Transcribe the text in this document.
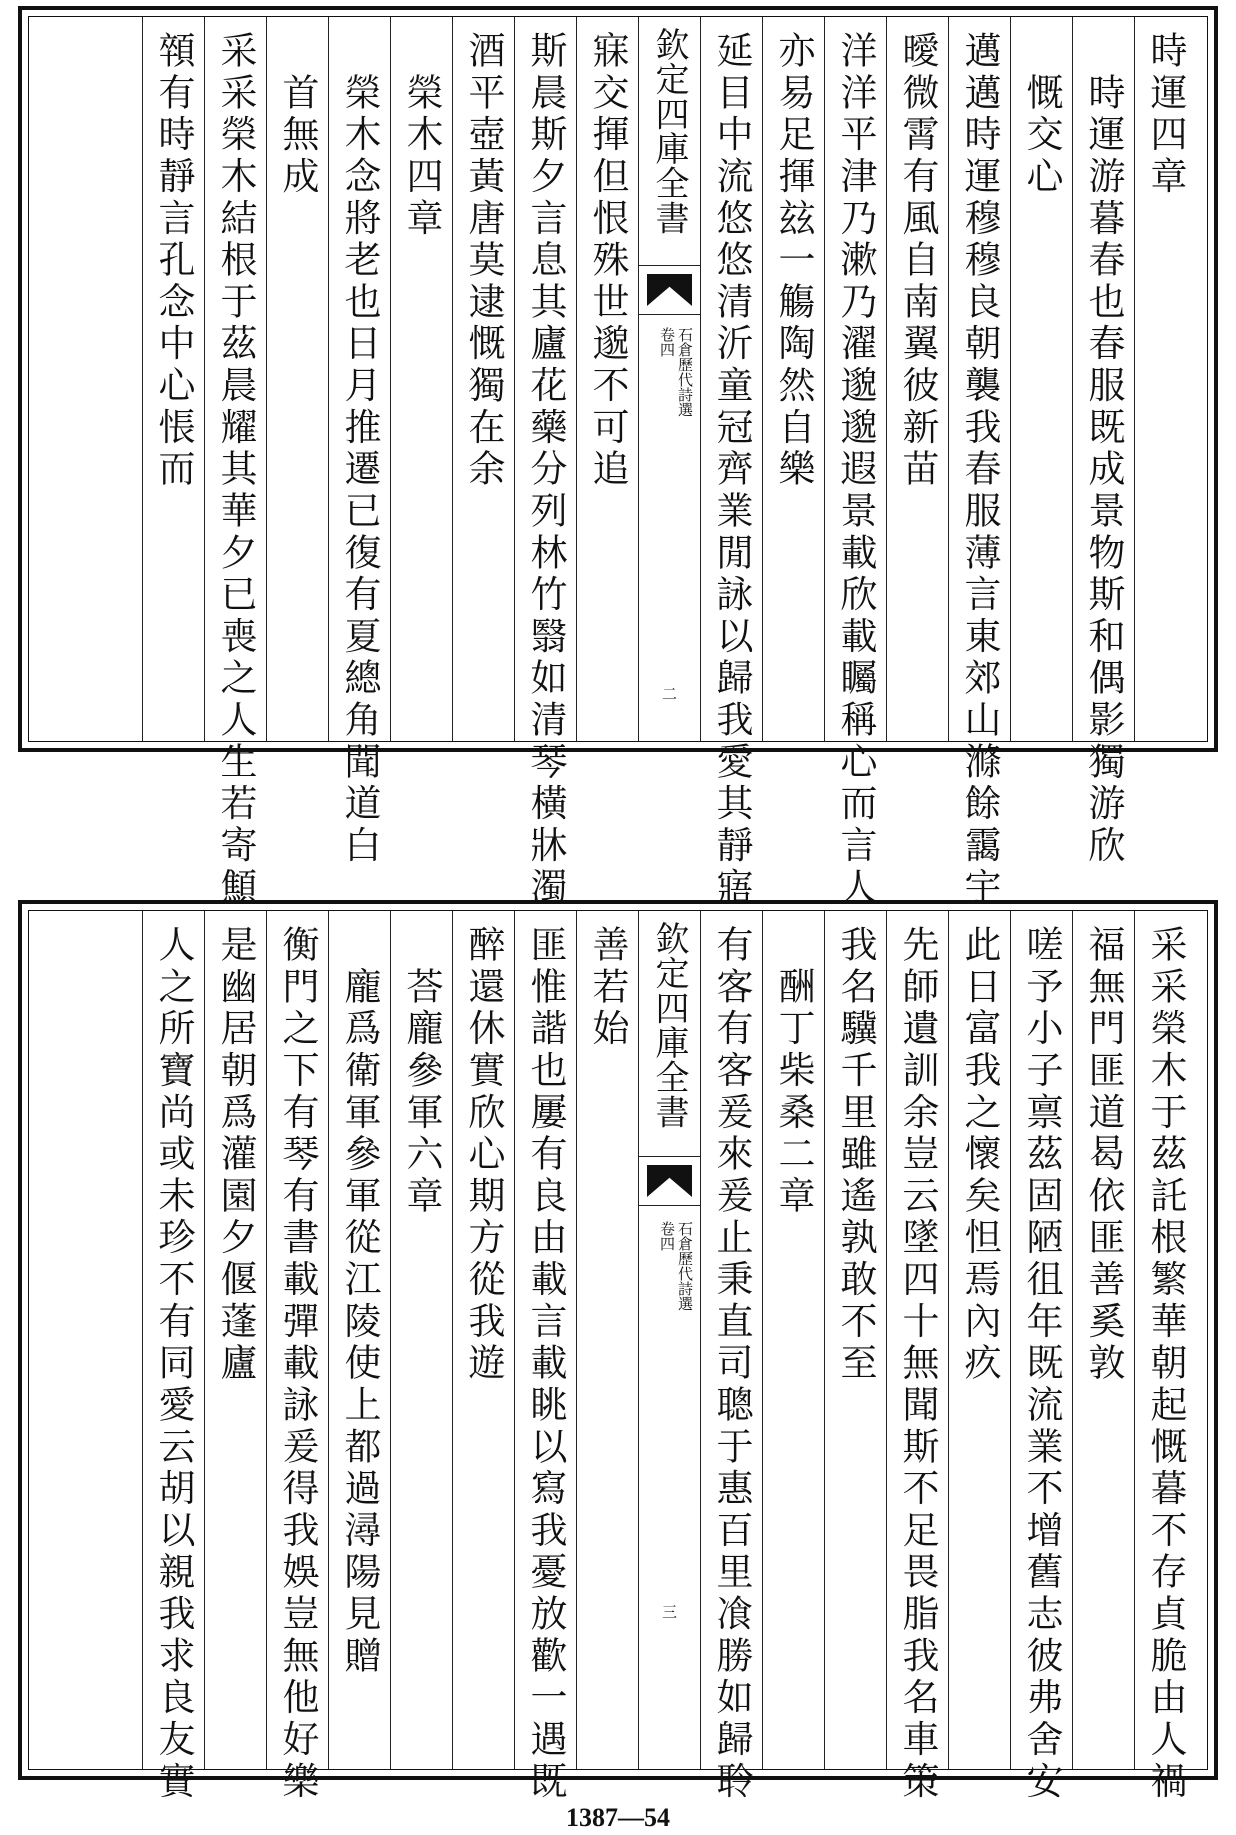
時運四章
　時運游暮春也春服既成景物斯和偶影獨游欣
　慨交心
邁邁時運穆穆良朝襲我春服薄言東郊山滌餘靄宇
曖微霄有風自南翼彼新苗
洋洋平津乃漱乃濯邈邈遐景載欣載矚稱心而言人
亦易足揮玆一觴陶然自樂
延目中流悠悠清沂童冠齊業閒詠以歸我愛其靜寤
欽定四庫全書
石倉歷代詩選
卷四
二
寐交揮但恨殊世邈不可追
斯晨斯夕言息其廬花藥分列林竹翳如清琴橫牀濁
酒平壺黃唐莫逮慨獨在余
　榮木四章
　榮木念將老也日月推遷已復有夏總角聞道白
　首無成
采采榮木結根于茲晨耀其華夕已喪之人生若寄顦
顇有時靜言孔念中心悵而
采采榮木于茲託根繁華朝起慨暮不存貞脆由人禍
福無門匪道曷依匪善奚敦
嗟予小子禀茲固陋徂年既流業不增舊志彼弗舍安
此日富我之懷矣怛焉內疚
先師遺訓余豈云墜四十無聞斯不足畏脂我名車策
我名驥千里雖遙孰敢不至
　酬丁柴桑二章
有客有客爰來爰止秉直司聰于惠百里飡勝如歸聆
欽定四庫全書
石倉歷代詩選
卷四
三
善若始
匪惟諧也屢有良由載言載眺以寫我憂放歡一遇既
醉還休實欣心期方從我遊
　荅龐參軍六章
　龐爲衛軍參軍從江陵使上都過潯陽見贈
衡門之下有琴有書載彈載詠爰得我娛豈無他好樂
是幽居朝爲灌園夕偃蓬廬
人之所寶尚或未珍不有同愛云胡以親我求良友實
1387—54
